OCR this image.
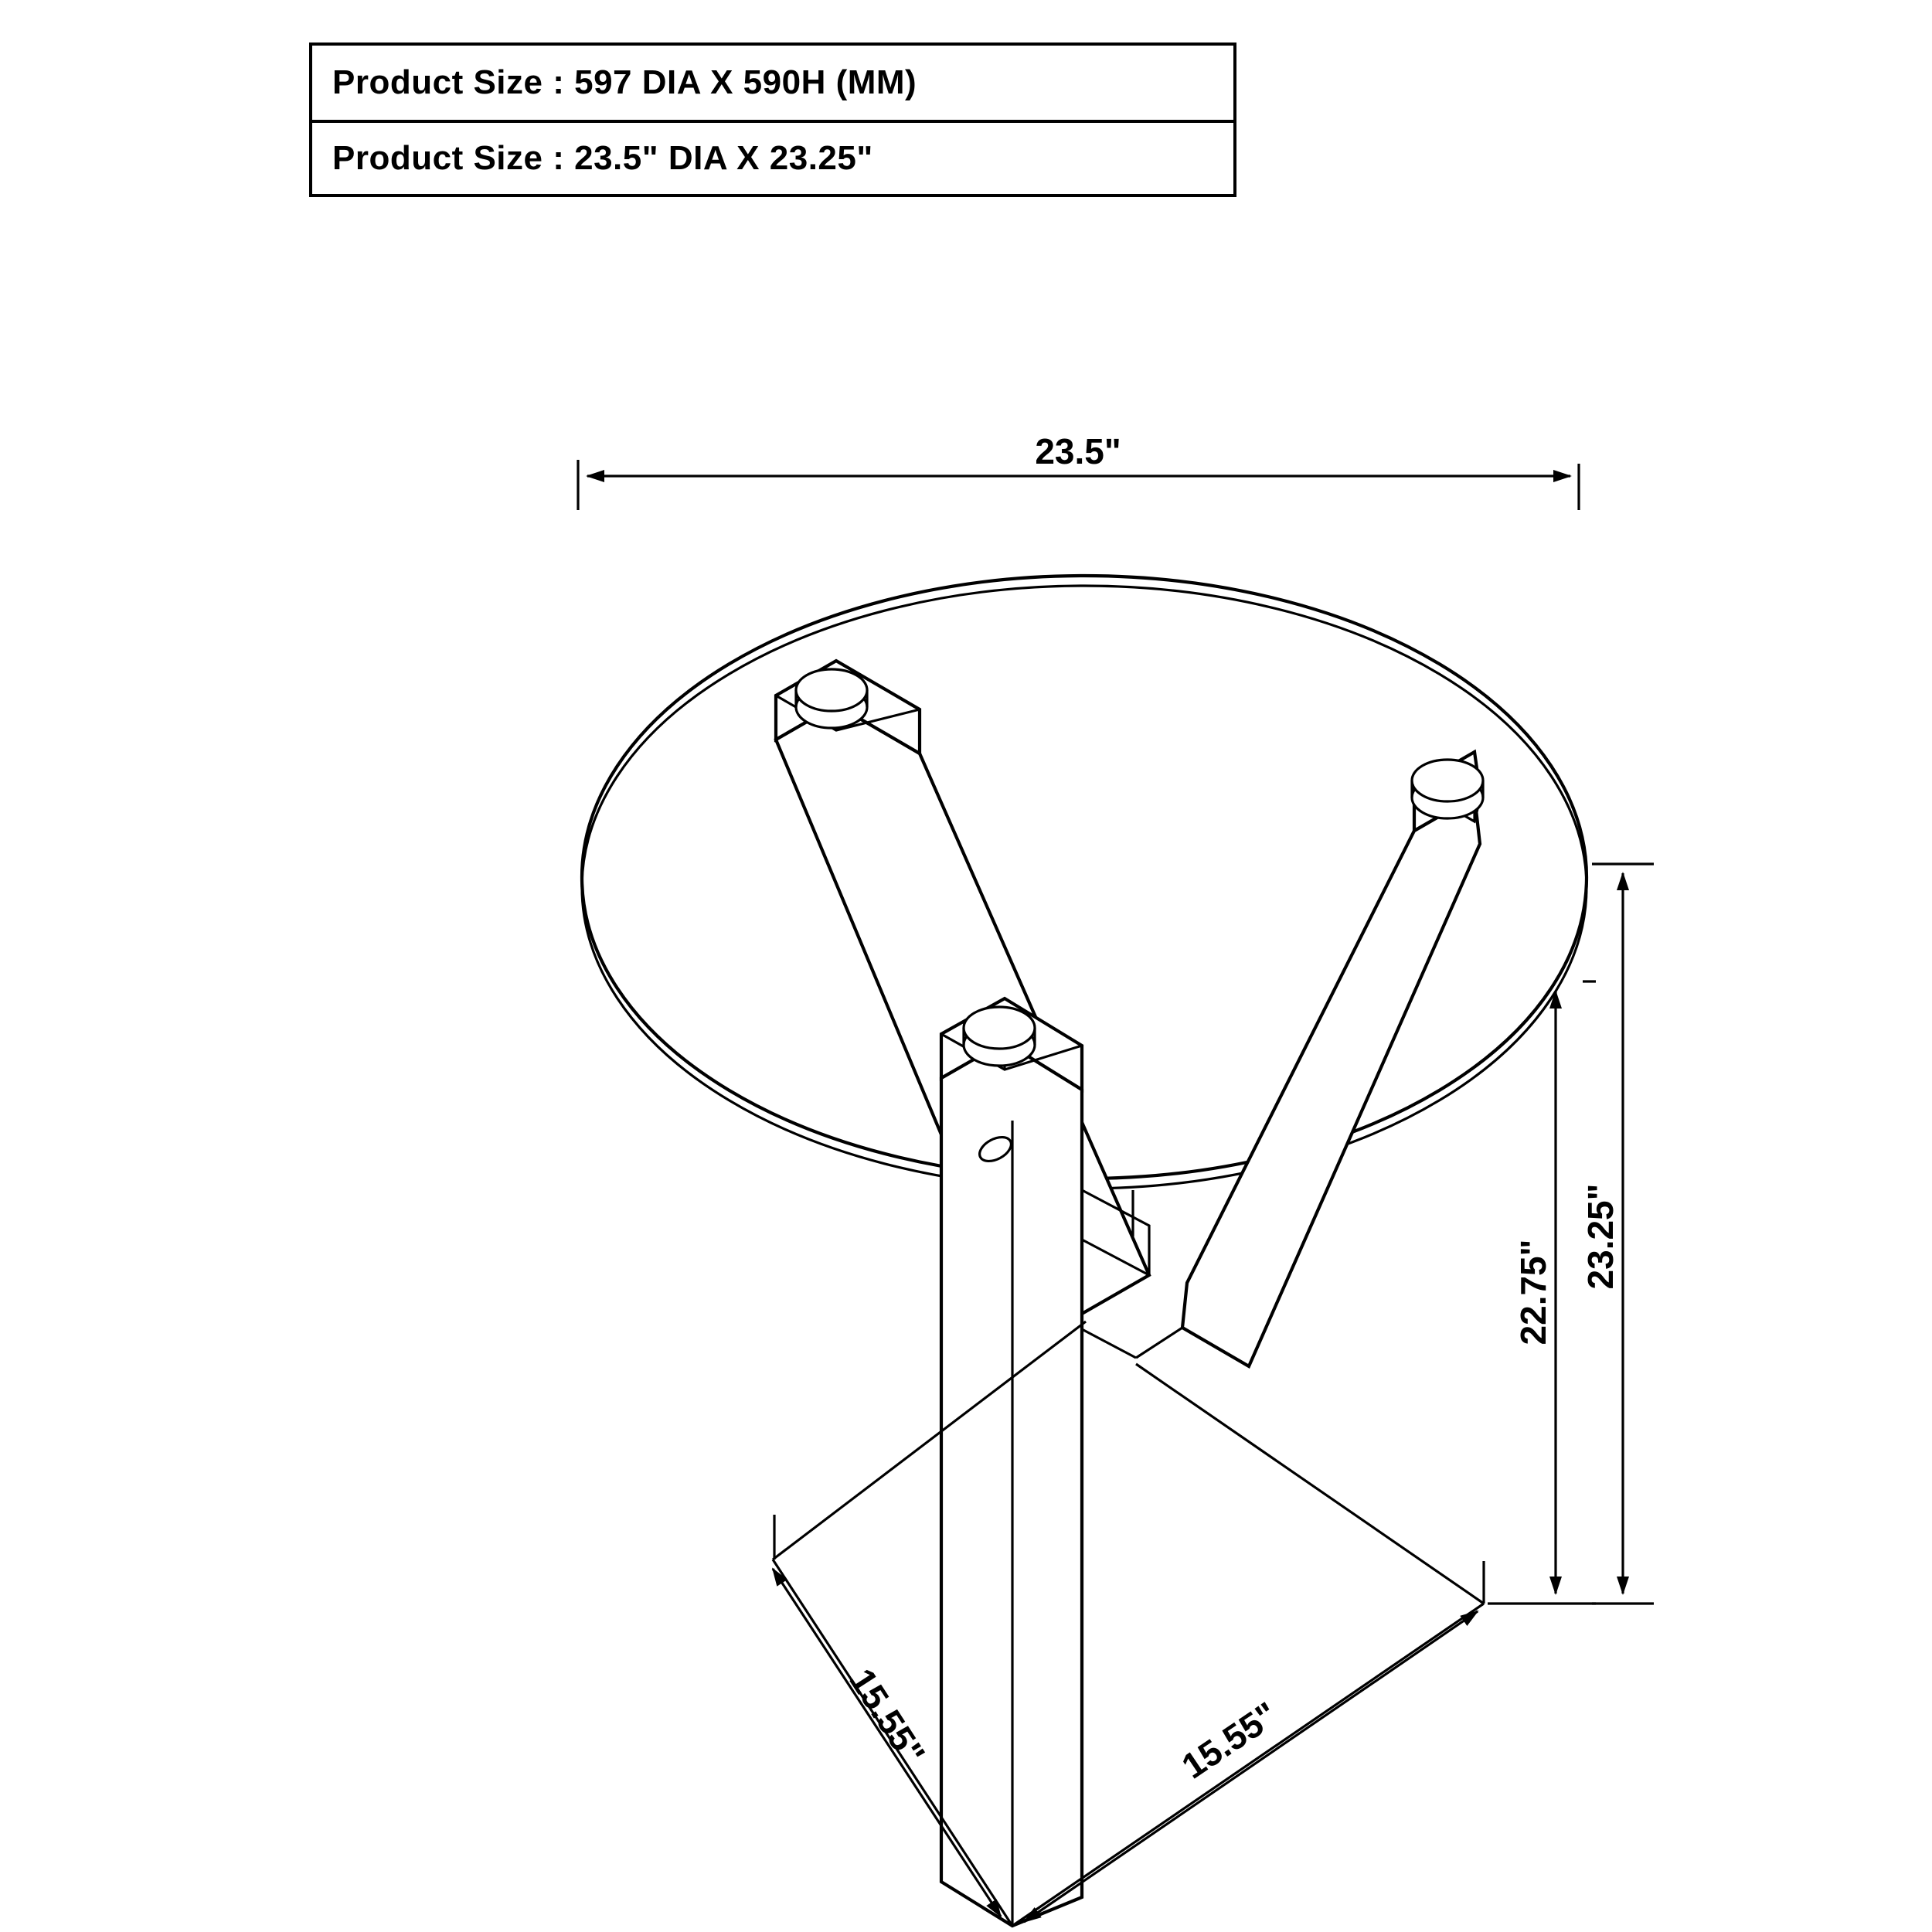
Product Size : 597 DIA X 590H (MM)
Product Size : 23.5" DIA X 23.25"
23.5"
22.75"
23.25"
15.55"	15.55"
